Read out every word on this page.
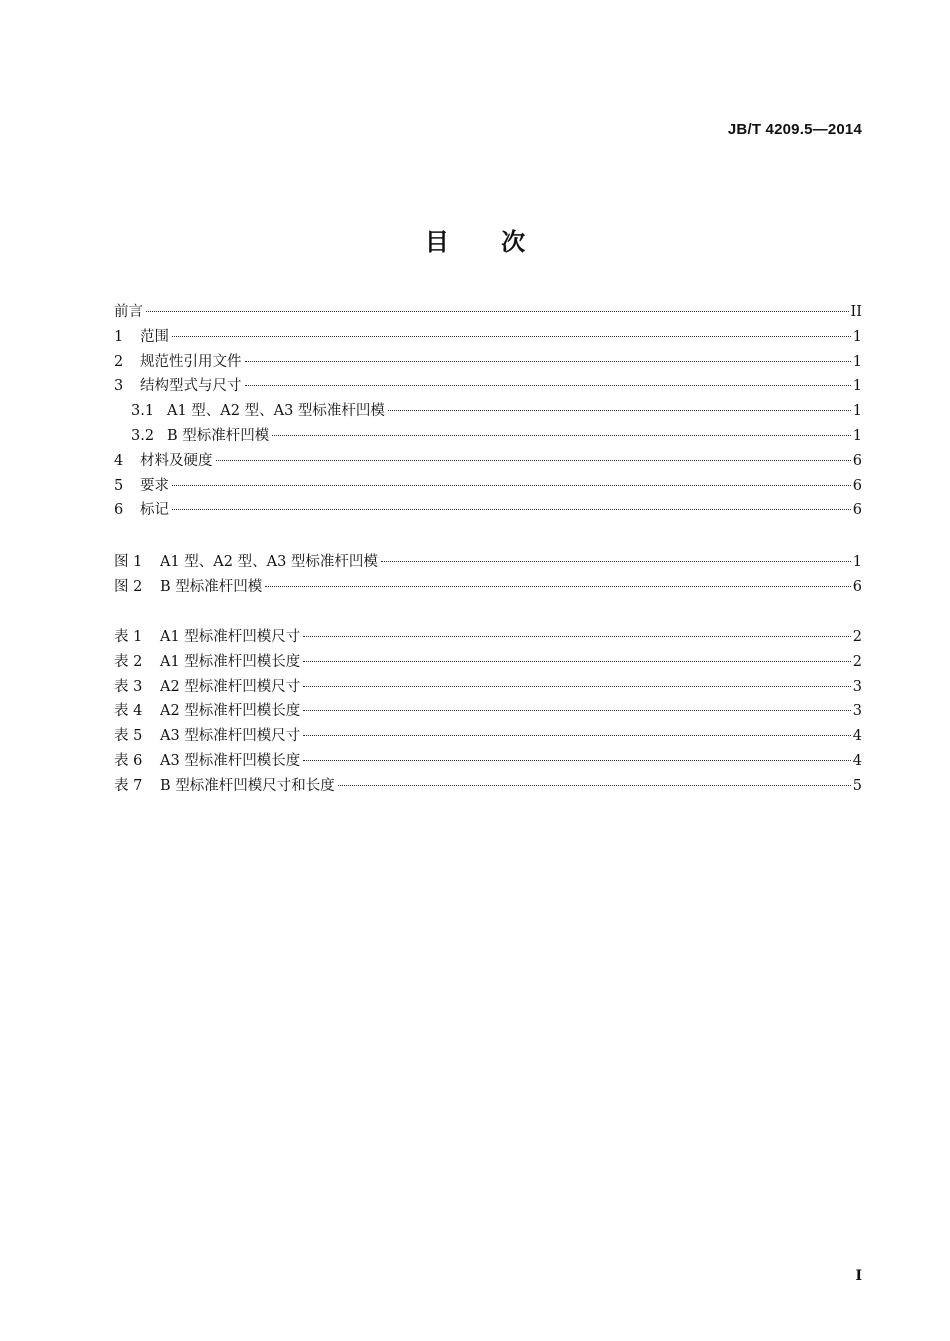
JB/T 4209.5—2014
目 次
前言	II
1	范围	1
2	规范性引用文件	1
3	结构型式与尺寸	1
3.1 A1 型、A2 型、A3 型标准杆凹模	1
3.2 B 型标准杆凹模	1
4	材料及硬度	6
5	要求	6
6	标记	6
图 1	A1 型、A2 型、A3 型标准杆凹模	1
图 2	B 型标准杆凹模	6
表 1	A1 型标准杆凹模尺寸	2
表 2	A1 型标准杆凹模长度	2
表 3	A2 型标准杆凹模尺寸	3
表 4	A2 型标准杆凹模长度	3
表 5	A3 型标准杆凹模尺寸	4
表 6	A3 型标准杆凹模长度	4
表 7	B 型标准杆凹模尺寸和长度	5
I
